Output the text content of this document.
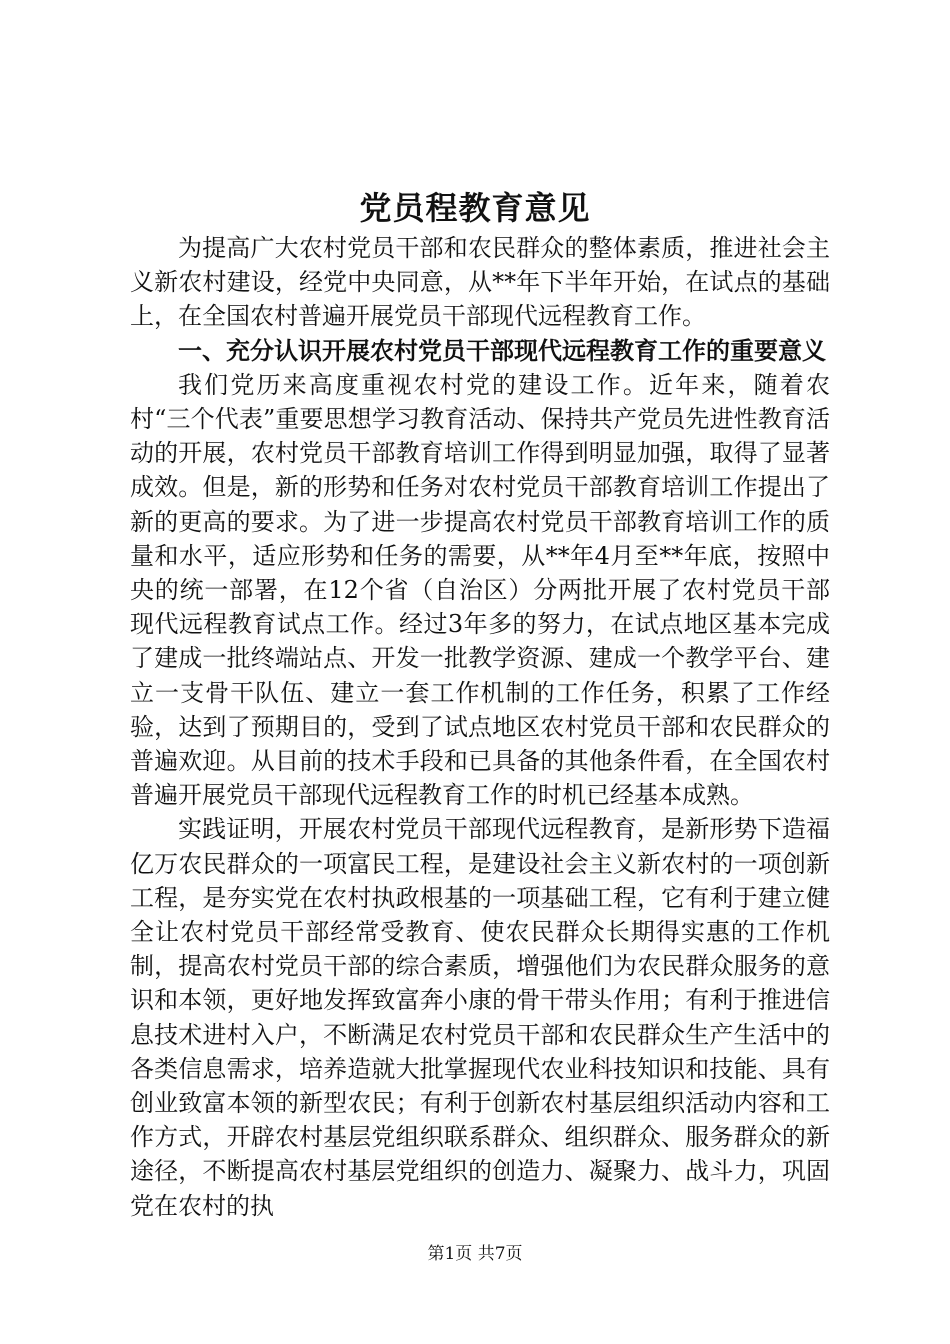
党员程教育意见

为提高广大农村党员干部和农民群众的整体素质，推进社会主义新农村建设，经党中央同意，从**年下半年开始，在试点的基础上，在全国农村普遍开展党员干部现代远程教育工作。

一、充分认识开展农村党员干部现代远程教育工作的重要意义

我们党历来高度重视农村党的建设工作。近年来，随着农村“三个代表”重要思想学习教育活动、保持共产党员先进性教育活动的开展，农村党员干部教育培训工作得到明显加强，取得了显著成效。但是，新的形势和任务对农村党员干部教育培训工作提出了新的更高的要求。为了进一步提高农村党员干部教育培训工作的质量和水平，适应形势和任务的需要，从**年4月至**年底，按照中央的统一部署，在12个省（自治区）分两批开展了农村党员干部现代远程教育试点工作。经过3年多的努力，在试点地区基本完成了建成一批终端站点、开发一批教学资源、建成一个教学平台、建立一支骨干队伍、建立一套工作机制的工作任务，积累了工作经验，达到了预期目的，受到了试点地区农村党员干部和农民群众的普遍欢迎。从目前的技术手段和已具备的其他条件看，在全国农村普遍开展党员干部现代远程教育工作的时机已经基本成熟。

实践证明，开展农村党员干部现代远程教育，是新形势下造福亿万农民群众的一项富民工程，是建设社会主义新农村的一项创新工程，是夯实党在农村执政根基的一项基础工程，它有利于建立健全让农村党员干部经常受教育、使农民群众长期得实惠的工作机制，提高农村党员干部的综合素质，增强他们为农民群众服务的意识和本领，更好地发挥致富奔小康的骨干带头作用；有利于推进信息技术进村入户，不断满足农村党员干部和农民群众生产生活中的各类信息需求，培养造就大批掌握现代农业科技知识和技能、具有创业致富本领的新型农民；有利于创新农村基层组织活动内容和工作方式，开辟农村基层党组织联系群众、组织群众、服务群众的新途径，不断提高农村基层党组织的创造力、凝聚力、战斗力，巩固党在农村的执

第1页 共7页
